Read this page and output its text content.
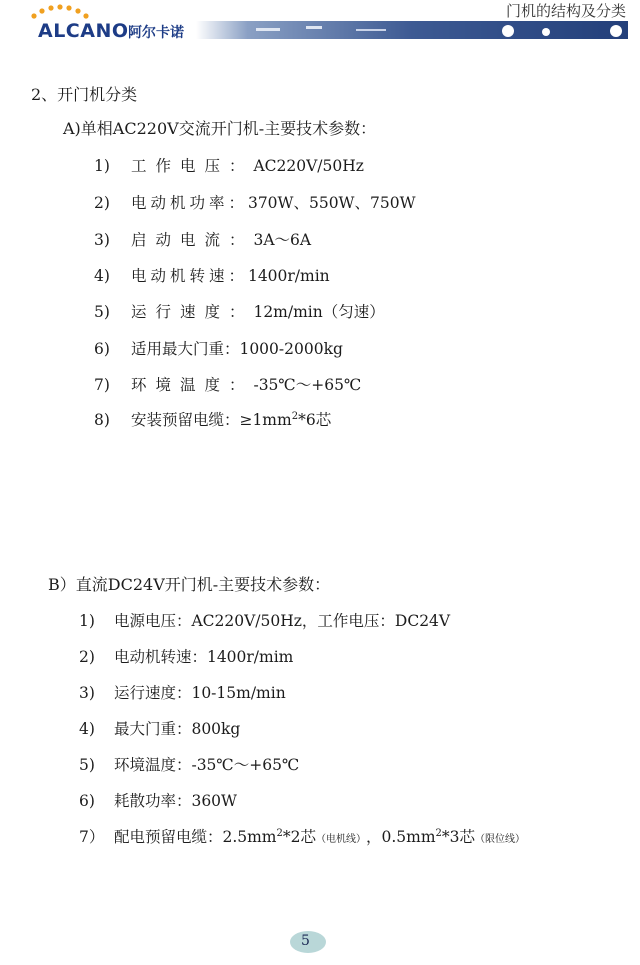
ALCANO 阿尔卡诺
门机的结构及分类
2、开门机分类
A)单相AC220V交流开门机-主要技术参数：
1) 工作电压：AC220V/50Hz
2) 电动机功率：370W、550W、750W
3) 启动电流：3A～6A
4) 电动机转速：1400r/min
5) 运行速度：12m/min（匀速）
6) 适用最大门重：1000-2000kg
7) 环境温度：-35℃～+65℃
8) 安装预留电缆：$\ge 1mm^2*6$芯
B）直流DC24V开门机-主要技术参数：
1) 电源电压：AC220V/50Hz，工作电压：DC24V
2) 电动机转速：1400r/mim
3) 运行速度：10-15m/min
4) 最大门重：800kg
5) 环境温度：-35℃～+65℃
6) 耗散功率：360W
7） 配电预留电缆：$2.5mm^2*2$芯（电机线），$0.5mm^2*3$芯（限位线）
5
